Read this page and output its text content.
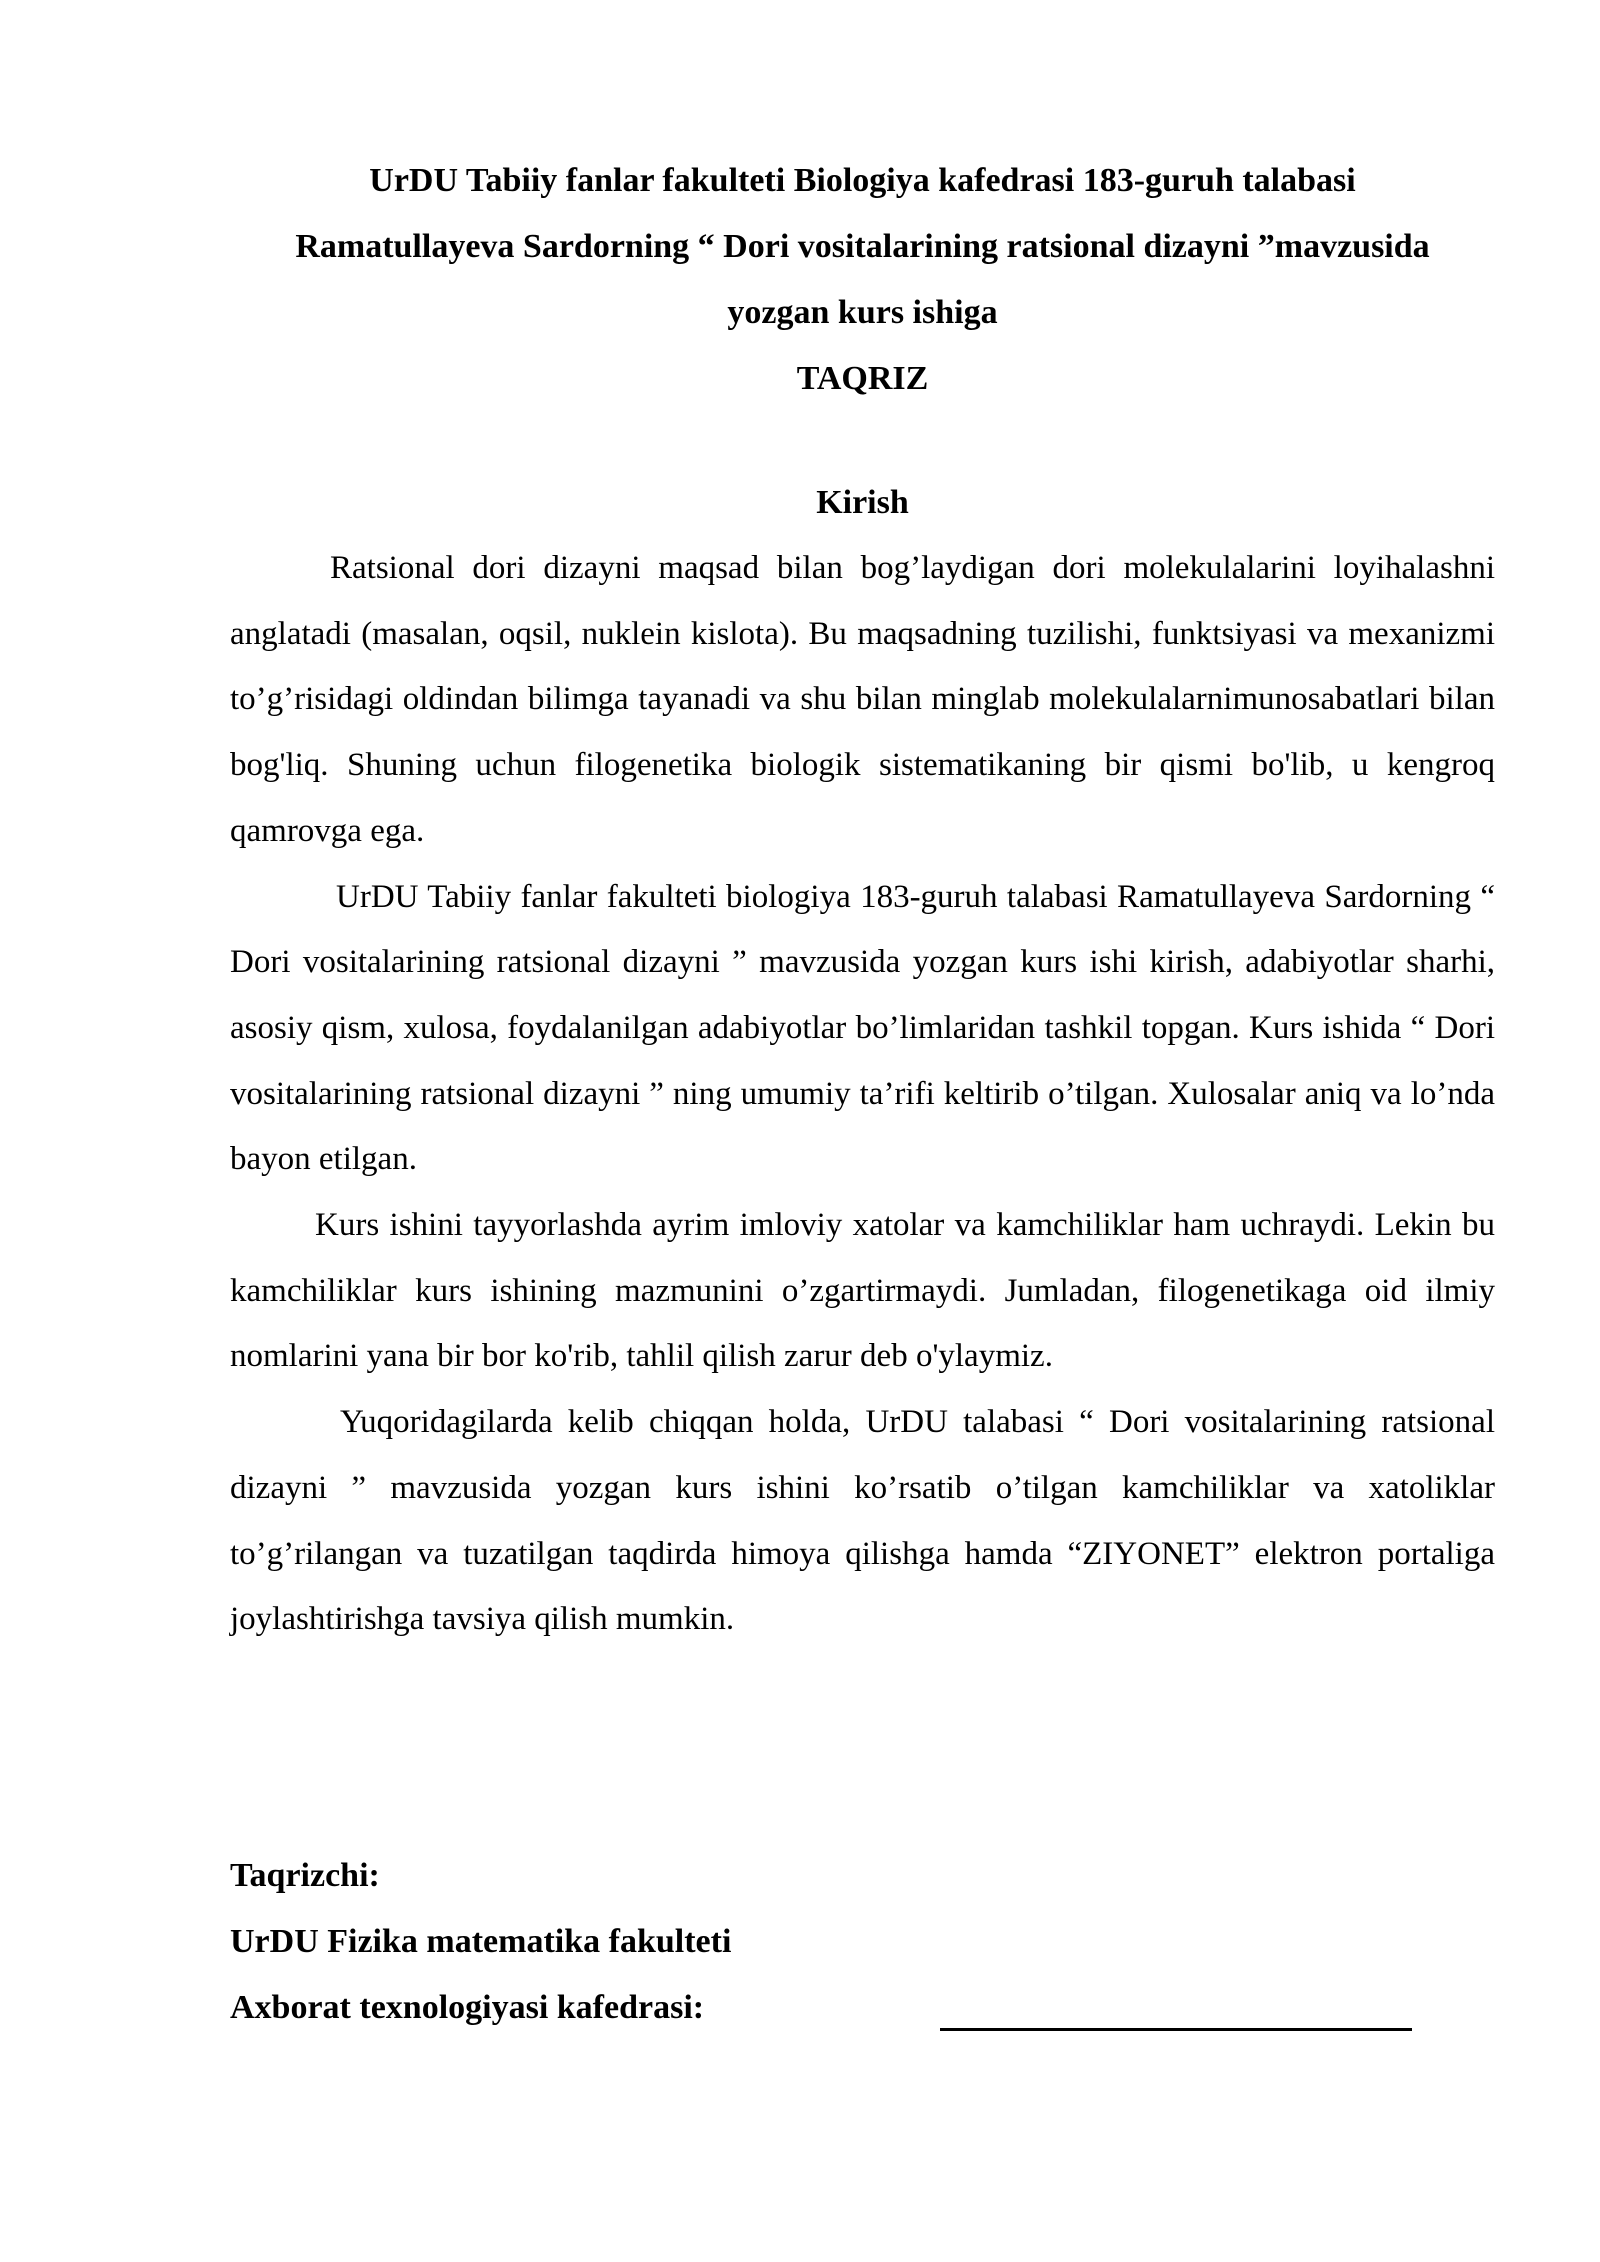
UrDU Tabiiy fanlar fakulteti Biologiya kafedrasi 183-guruh talabasi
Ramatullayeva Sardorning “ Dori vositalarining ratsional dizayni ”mavzusida
yozgan kurs ishiga
TAQRIZ
Kirish

Ratsional dori dizayni maqsad bilan bog’laydigan dori molekulalarini loyihalashni anglatadi (masalan, oqsil, nuklein kislota). Bu maqsadning tuzilishi, funktsiyasi va mexanizmi to’g’risidagi oldindan bilimga tayanadi va shu bilan minglab molekulalarnimunosabatlari bilan bog'liq. Shuning uchun filogenetika biologik sistematikaning bir qismi bo'lib, u kengroq qamrovga ega.

UrDU Tabiiy fanlar fakulteti biologiya 183-guruh talabasi Ramatullayeva Sardorning “ Dori vositalarining ratsional dizayni ” mavzusida yozgan kurs ishi kirish, adabiyotlar sharhi, asosiy qism, xulosa, foydalanilgan adabiyotlar bo’limlaridan tashkil topgan. Kurs ishida “ Dori vositalarining ratsional dizayni ” ning umumiy ta’rifi keltirib o’tilgan. Xulosalar aniq va lo’nda bayon etilgan.

Kurs ishini tayyorlashda ayrim imloviy xatolar va kamchiliklar ham uchraydi. Lekin bu kamchiliklar kurs ishining mazmunini o’zgartirmaydi. Jumladan, filogenetikaga oid ilmiy nomlarini yana bir bor ko'rib, tahlil qilish zarur deb o'ylaymiz.

Yuqoridagilarda kelib chiqqan holda, UrDU talabasi “ Dori vositalarining ratsional dizayni ” mavzusida yozgan kurs ishini ko’rsatib o’tilgan kamchiliklar va xatoliklar to’g’rilangan va tuzatilgan taqdirda himoya qilishga hamda “ZIYONET” elektron portaliga joylashtirishga tavsiya qilish mumkin.

Taqrizchi:
UrDU Fizika matematika fakulteti
Axborat texnologiyasi kafedrasi:
